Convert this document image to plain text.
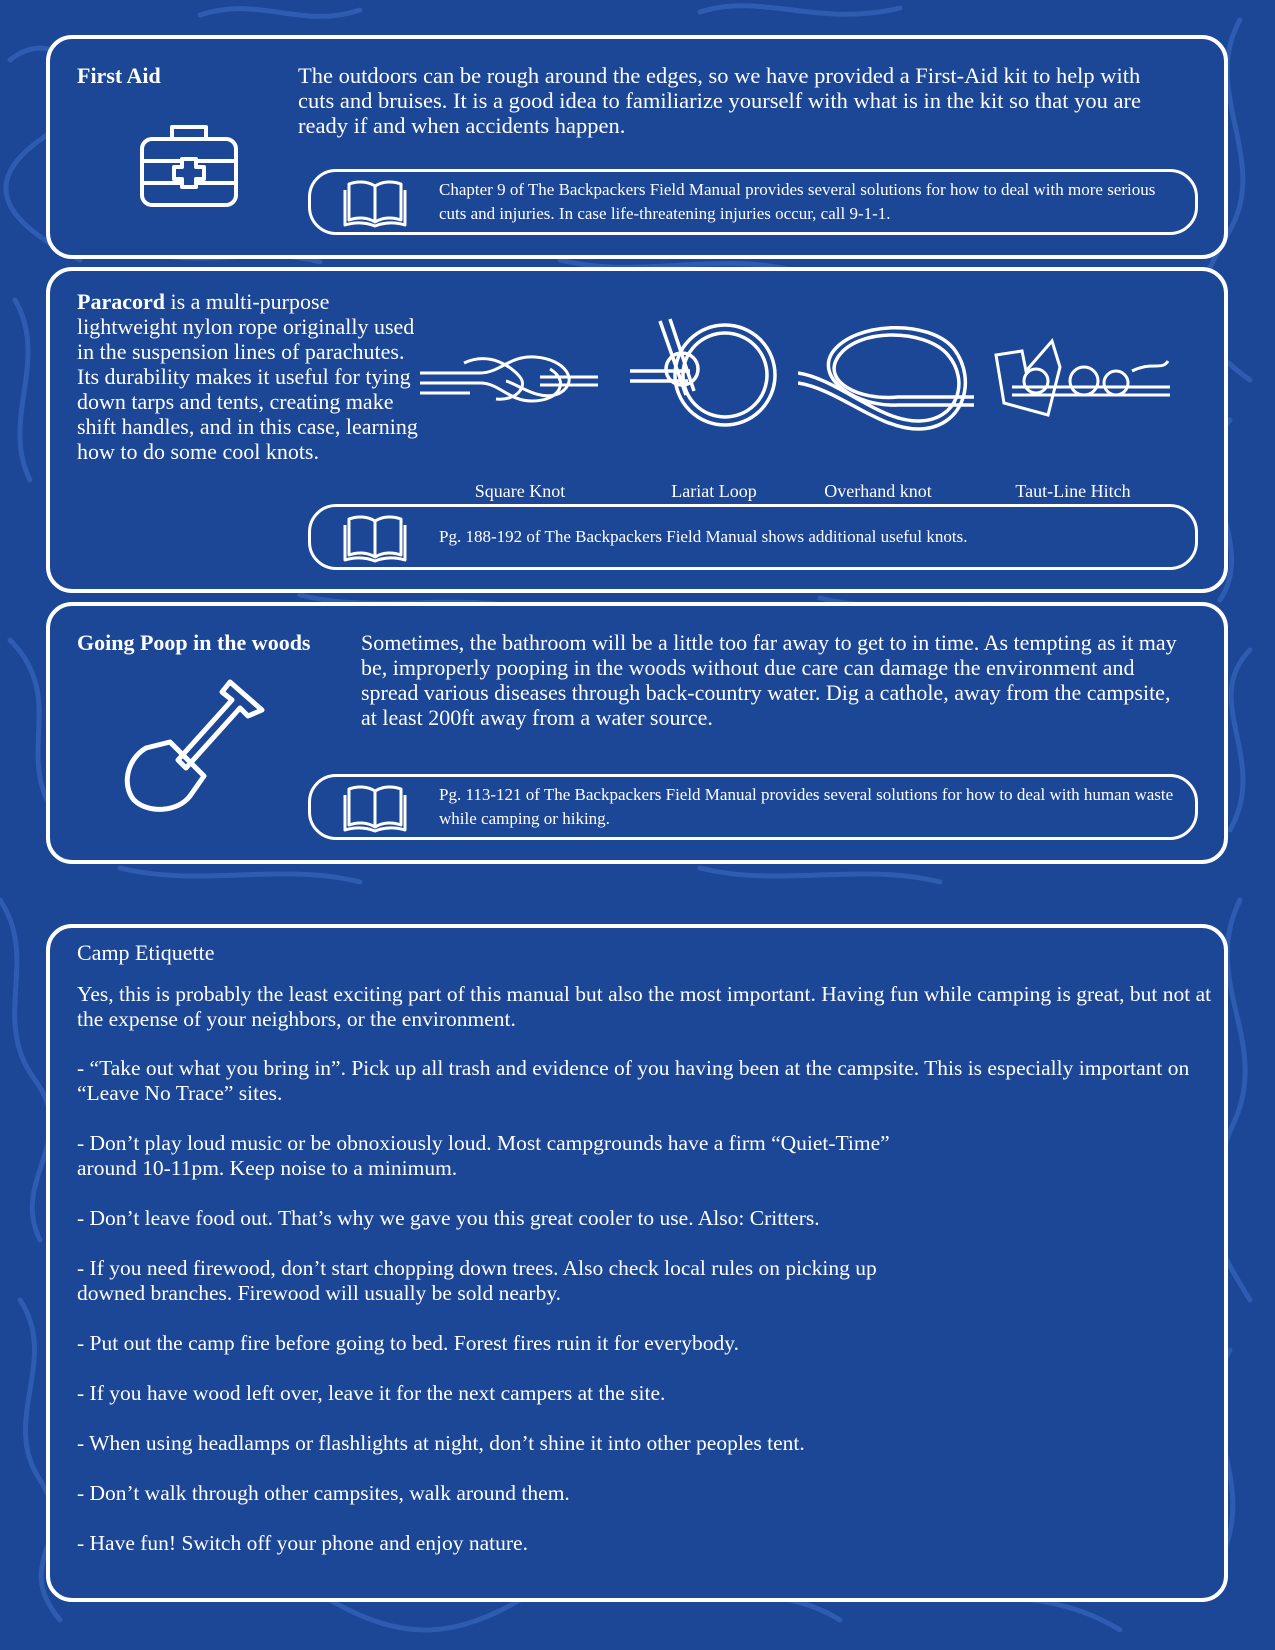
First Aid	The outdoors can be rough around the edges, so we have provided a First-Aid kit to help with cuts and bruises. It is a good idea to familiarize yourself with what is in the kit so that you are ready if and when accidents happen.

Chapter 9 of The Backpackers Field Manual provides several solutions for how to deal with more serious cuts and injuries. In case life-threatening injuries occur, call 9-1-1.

Paracord is a multi-purpose lightweight nylon rope originally used in the suspension lines of parachutes. Its durability makes it useful for tying down tarps and tents, creating make shift handles, and in this case, learning how to do some cool knots.

Square Knot	Lariat Loop	Overhand knot	Taut-Line Hitch

Pg. 188-192 of The Backpackers Field Manual shows additional useful knots.

Going Poop in the woods Sometimes, the bathroom will be a little too far away to get to in time. As tempting as it may be, improperly pooping in the woods without due care can damage the environment and spread various diseases through back-country water. Dig a cathole, away from the campsite, at least 200ft away from a water source.

Pg. 113-121 of The Backpackers Field Manual provides several solutions for how to deal with human waste while camping or hiking.

Camp Etiquette

Yes, this is probably the least exciting part of this manual but also the most important. Having fun while camping is great, but not at the expense of your neighbors, or the environment.

- “Take out what you bring in”. Pick up all trash and evidence of you having been at the campsite. This is especially important on “Leave No Trace” sites.

- Don’t play loud music or be obnoxiously loud. Most campgrounds have a firm “Quiet-Time” around 10-11pm. Keep noise to a minimum.

- Don’t leave food out. That’s why we gave you this great cooler to use. Also: Critters.

- If you need firewood, don’t start chopping down trees. Also check local rules on picking up downed branches. Firewood will usually be sold nearby.

- Put out the camp fire before going to bed. Forest fires ruin it for everybody.

- If you have wood left over, leave it for the next campers at the site.

- When using headlamps or flashlights at night, don’t shine it into other peoples tent.

- Don’t walk through other campsites, walk around them.

- Have fun! Switch off your phone and enjoy nature.
